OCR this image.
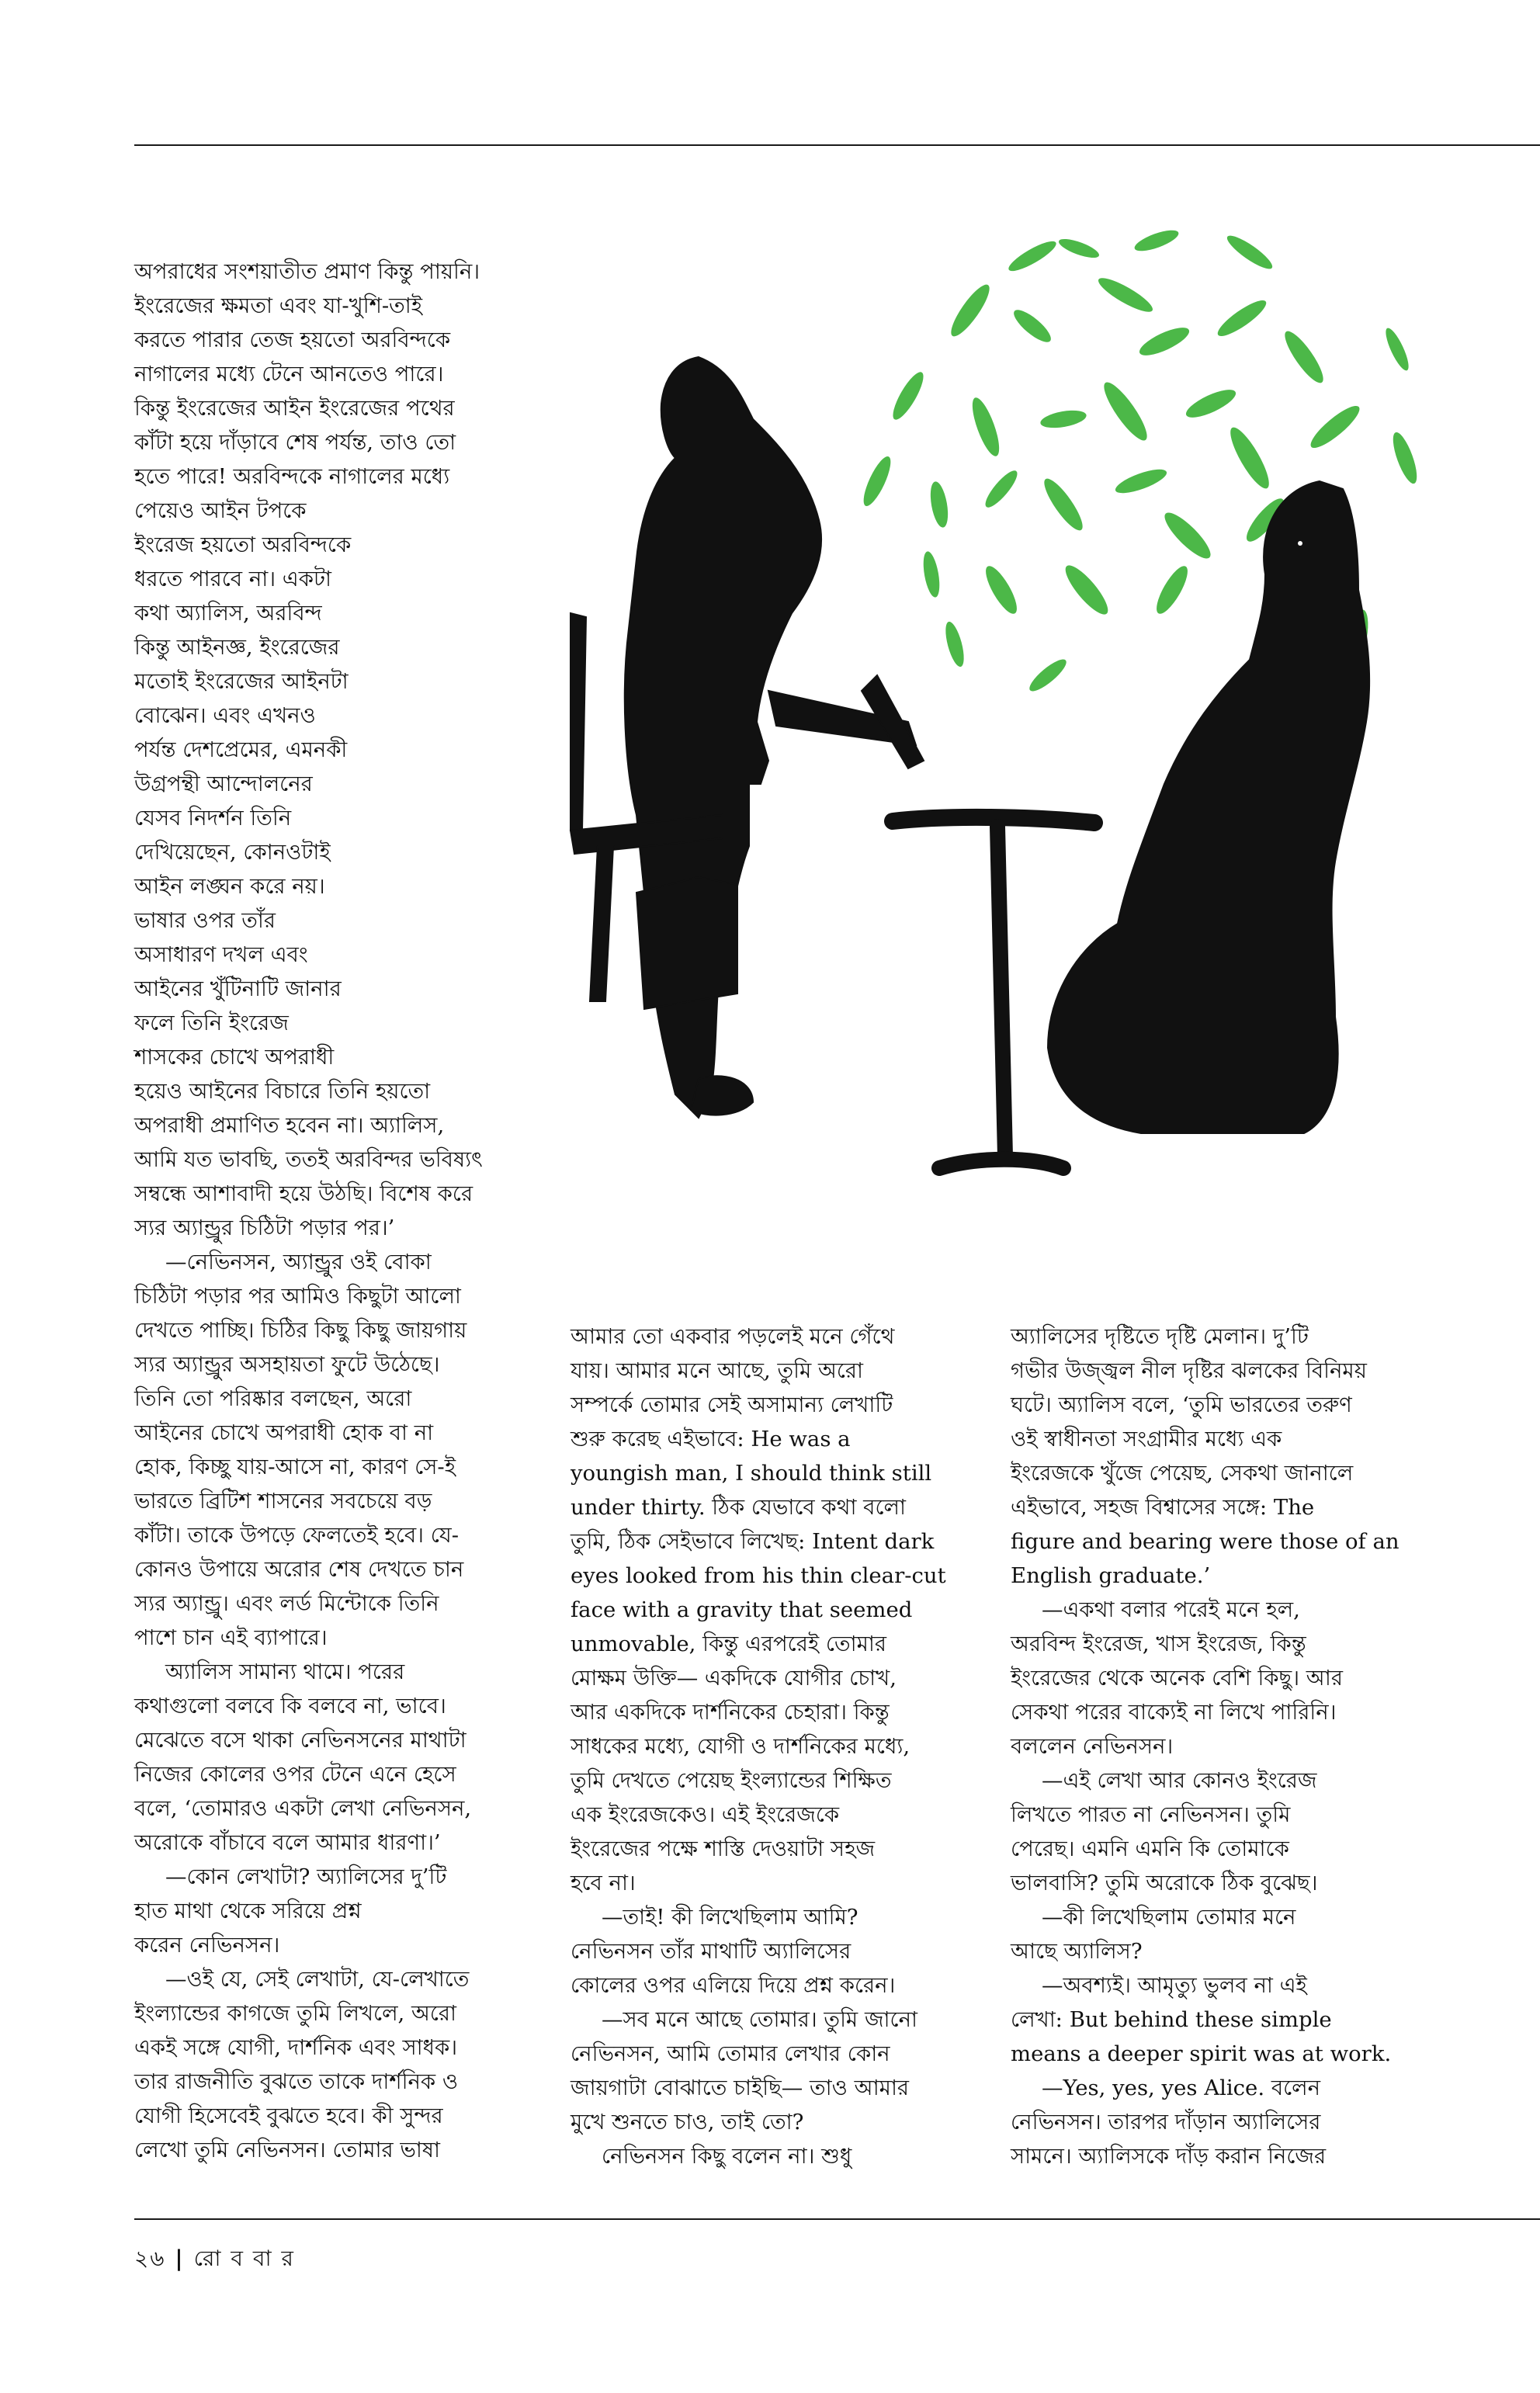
অপরাধের সংশয়াতীত প্রমাণ কিন্তু পায়নি।
ইংরেজের ক্ষমতা এবং যা-খুশি-তাই
করতে পারার তেজ হয়তো অরবিন্দকে
নাগালের মধ্যে টেনে আনতেও পারে।
কিন্তু ইংরেজের আইন ইংরেজের পথের
কাঁটা হয়ে দাঁড়াবে শেষ পর্যন্ত, তাও তো
হতে পারে! অরবিন্দকে নাগালের মধ্যে
পেয়েও আইন টপকে
ইংরেজ হয়তো অরবিন্দকে
ধরতে পারবে না। একটা
কথা অ্যালিস, অরবিন্দ
কিন্তু আইনজ্ঞ, ইংরেজের
মতোই ইংরেজের আইনটা
বোঝেন। এবং এখনও
পর্যন্ত দেশপ্রেমের, এমনকী
উগ্রপন্থী আন্দোলনের
যেসব নিদর্শন তিনি
দেখিয়েছেন, কোনওটাই
আইন লঙ্ঘন করে নয়।
ভাষার ওপর তাঁর
অসাধারণ দখল এবং
আইনের খুঁটিনাটি জানার
ফলে তিনি ইংরেজ
শাসকের চোখে অপরাধী
হয়েও আইনের বিচারে তিনি হয়তো
অপরাধী প্রমাণিত হবেন না। অ্যালিস,
আমি যত ভাবছি, ততই অরবিন্দর ভবিষ্যৎ
সম্বন্ধে আশাবাদী হয়ে উঠছি। বিশেষ করে
স্যর অ্যান্ড্রুর চিঠিটা পড়ার পর।’
—নেভিনসন, অ্যান্ড্রুর ওই বোকা
চিঠিটা পড়ার পর আমিও কিছুটা আলো
দেখতে পাচ্ছি। চিঠির কিছু কিছু জায়গায়
স্যর অ্যান্ড্রুর অসহায়তা ফুটে উঠেছে।
তিনি তো পরিষ্কার বলছেন, অরো
আইনের চোখে অপরাধী হোক বা না
হোক, কিচ্ছু যায়-আসে না, কারণ সে-ই
ভারতে ব্রিটিশ শাসনের সবচেয়ে বড়
কাঁটা। তাকে উপড়ে ফেলতেই হবে। যে-
কোনও উপায়ে অরোর শেষ দেখতে চান
স্যর অ্যান্ড্রু। এবং লর্ড মিন্টোকে তিনি
পাশে চান এই ব্যাপারে।
অ্যালিস সামান্য থামে। পরের
কথাগুলো বলবে কি বলবে না, ভাবে।
মেঝেতে বসে থাকা নেভিনসনের মাথাটা
নিজের কোলের ওপর টেনে এনে হেসে
বলে, ‘তোমারও একটা লেখা নেভিনসন,
অরোকে বাঁচাবে বলে আমার ধারণা।’
—কোন লেখাটা? অ্যালিসের দু’টি
হাত মাথা থেকে সরিয়ে প্রশ্ন
করেন নেভিনসন।
—ওই যে, সেই লেখাটা, যে-লেখাতে
ইংল্যান্ডের কাগজে তুমি লিখলে, অরো
একই সঙ্গে যোগী, দার্শনিক এবং সাধক।
তার রাজনীতি বুঝতে তাকে দার্শনিক ও
যোগী হিসেবেই বুঝতে হবে। কী সুন্দর
লেখো তুমি নেভিনসন। তোমার ভাষা
আমার তো একবার পড়লেই মনে গেঁথে
যায়। আমার মনে আছে, তুমি অরো
সম্পর্কে তোমার সেই অসামান্য লেখাটি
শুরু করেছ এইভাবে: He was a
youngish man, I should think still
under thirty. ঠিক যেভাবে কথা বলো
তুমি, ঠিক সেইভাবে লিখেছ: Intent dark
eyes looked from his thin clear-cut
face with a gravity that seemed
unmovable, কিন্তু এরপরেই তোমার
মোক্ষম উক্তি— একদিকে যোগীর চোখ,
আর একদিকে দার্শনিকের চেহারা। কিন্তু
সাধকের মধ্যে, যোগী ও দার্শনিকের মধ্যে,
তুমি দেখতে পেয়েছ ইংল্যান্ডের শিক্ষিত
এক ইংরেজকেও। এই ইংরেজকে
ইংরেজের পক্ষে শাস্তি দেওয়াটা সহজ
হবে না।
—তাই! কী লিখেছিলাম আমি?
নেভিনসন তাঁর মাথাটি অ্যালিসের
কোলের ওপর এলিয়ে দিয়ে প্রশ্ন করেন।
—সব মনে আছে তোমার। তুমি জানো
নেভিনসন, আমি তোমার লেখার কোন
জায়গাটা বোঝাতে চাইছি— তাও আমার
মুখে শুনতে চাও, তাই তো?
নেভিনসন কিছু বলেন না। শুধু
অ্যালিসের দৃষ্টিতে দৃষ্টি মেলান। দু’টি
গভীর উজ্জ্বল নীল দৃষ্টির ঝলকের বিনিময়
ঘটে। অ্যালিস বলে, ‘তুমি ভারতের তরুণ
ওই স্বাধীনতা সংগ্রামীর মধ্যে এক
ইংরেজকে খুঁজে পেয়েছ, সেকথা জানালে
এইভাবে, সহজ বিশ্বাসের সঙ্গে: The
figure and bearing were those of an
English graduate.’
—একথা বলার পরেই মনে হল,
অরবিন্দ ইংরেজ, খাস ইংরেজ, কিন্তু
ইংরেজের থেকে অনেক বেশি কিছু। আর
সেকথা পরের বাক্যেই না লিখে পারিনি।
বললেন নেভিনসন।
—এই লেখা আর কোনও ইংরেজ
লিখতে পারত না নেভিনসন। তুমি
পেরেছ। এমনি এমনি কি তোমাকে
ভালবাসি? তুমি অরোকে ঠিক বুঝেছ।
—কী লিখেছিলাম তোমার মনে
আছে অ্যালিস?
—অবশ্যই। আমৃত্যু ভুলব না এই
লেখা: But behind these simple
means a deeper spirit was at work.
—Yes, yes, yes Alice. বলেন
নেভিনসন। তারপর দাঁড়ান অ্যালিসের
সামনে। অ্যালিসকে দাঁড় করান নিজের
২৬ | রো ব বা র
